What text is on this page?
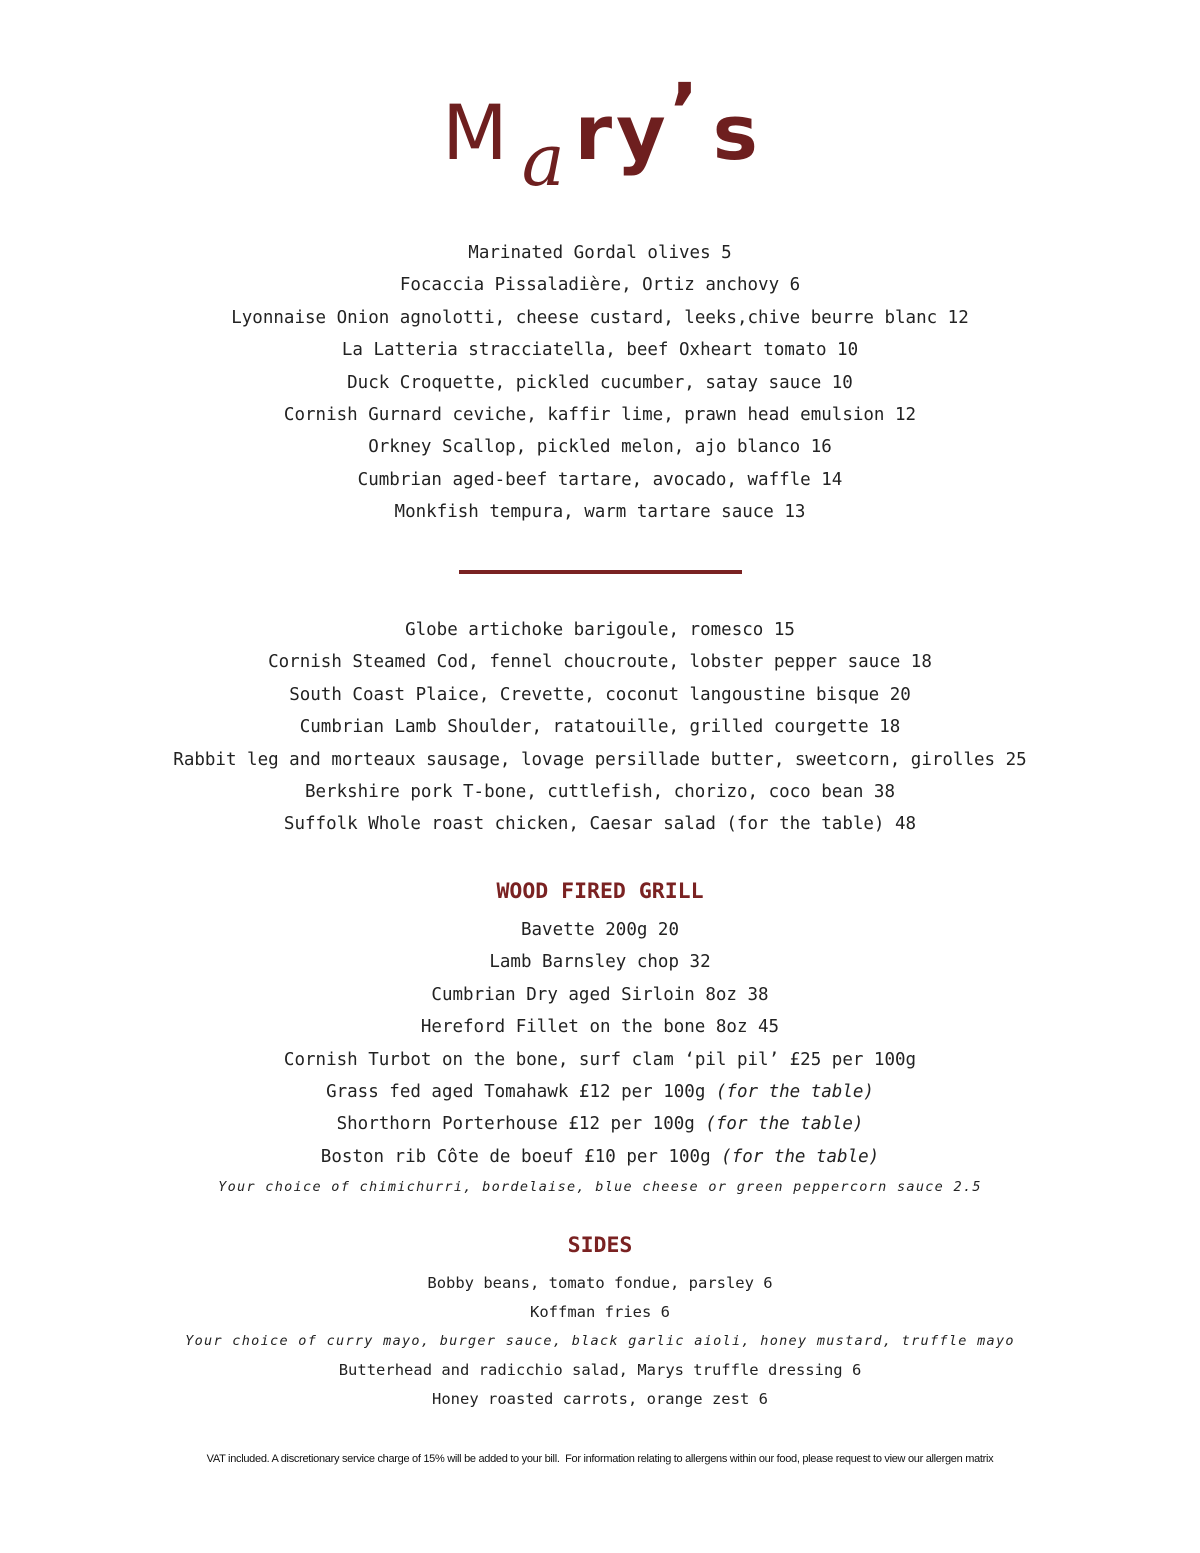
Ma ry’ s
Marinated Gordal olives 5
Focaccia Pissaladière, Ortiz anchovy 6
Lyonnaise Onion agnolotti, cheese custard, leeks,chive beurre blanc 12
La Latteria stracciatella, beef Oxheart tomato 10
Duck Croquette, pickled cucumber, satay sauce 10
Cornish Gurnard ceviche, kaffir lime, prawn head emulsion 12
Orkney Scallop, pickled melon, ajo blanco 16
Cumbrian aged-beef tartare, avocado, waffle 14
Monkfish tempura, warm tartare sauce 13
Globe artichoke barigoule, romesco 15
Cornish Steamed Cod, fennel choucroute, lobster pepper sauce 18
South Coast Plaice, Crevette, coconut langoustine bisque 20
Cumbrian Lamb Shoulder, ratatouille, grilled courgette 18
Rabbit leg and morteaux sausage, lovage persillade butter, sweetcorn, girolles 25
Berkshire pork T-bone, cuttlefish, chorizo, coco bean 38
Suffolk Whole roast chicken, Caesar salad (for the table) 48
WOOD FIRED GRILL
Bavette 200g 20
Lamb Barnsley chop 32
Cumbrian Dry aged Sirloin 8oz 38
Hereford Fillet on the bone 8oz 45
Cornish Turbot on the bone, surf clam ‘pil pil’ £25 per 100g
Grass fed aged Tomahawk £12 per 100g (for the table)
Shorthorn Porterhouse £12 per 100g (for the table)
Boston rib Côte de boeuf £10 per 100g (for the table)
Your choice of chimichurri, bordelaise, blue cheese or green peppercorn sauce 2.5
SIDES
Bobby beans, tomato fondue, parsley 6
Koffman fries 6
Your choice of curry mayo, burger sauce, black garlic aioli, honey mustard, truffle mayo
Butterhead and radicchio salad, Marys truffle dressing 6
Honey roasted carrots, orange zest 6
VAT included. A discretionary service charge of 15% will be added to your bill.  For information relating to allergens within our food, please request to view our allergen matrix
